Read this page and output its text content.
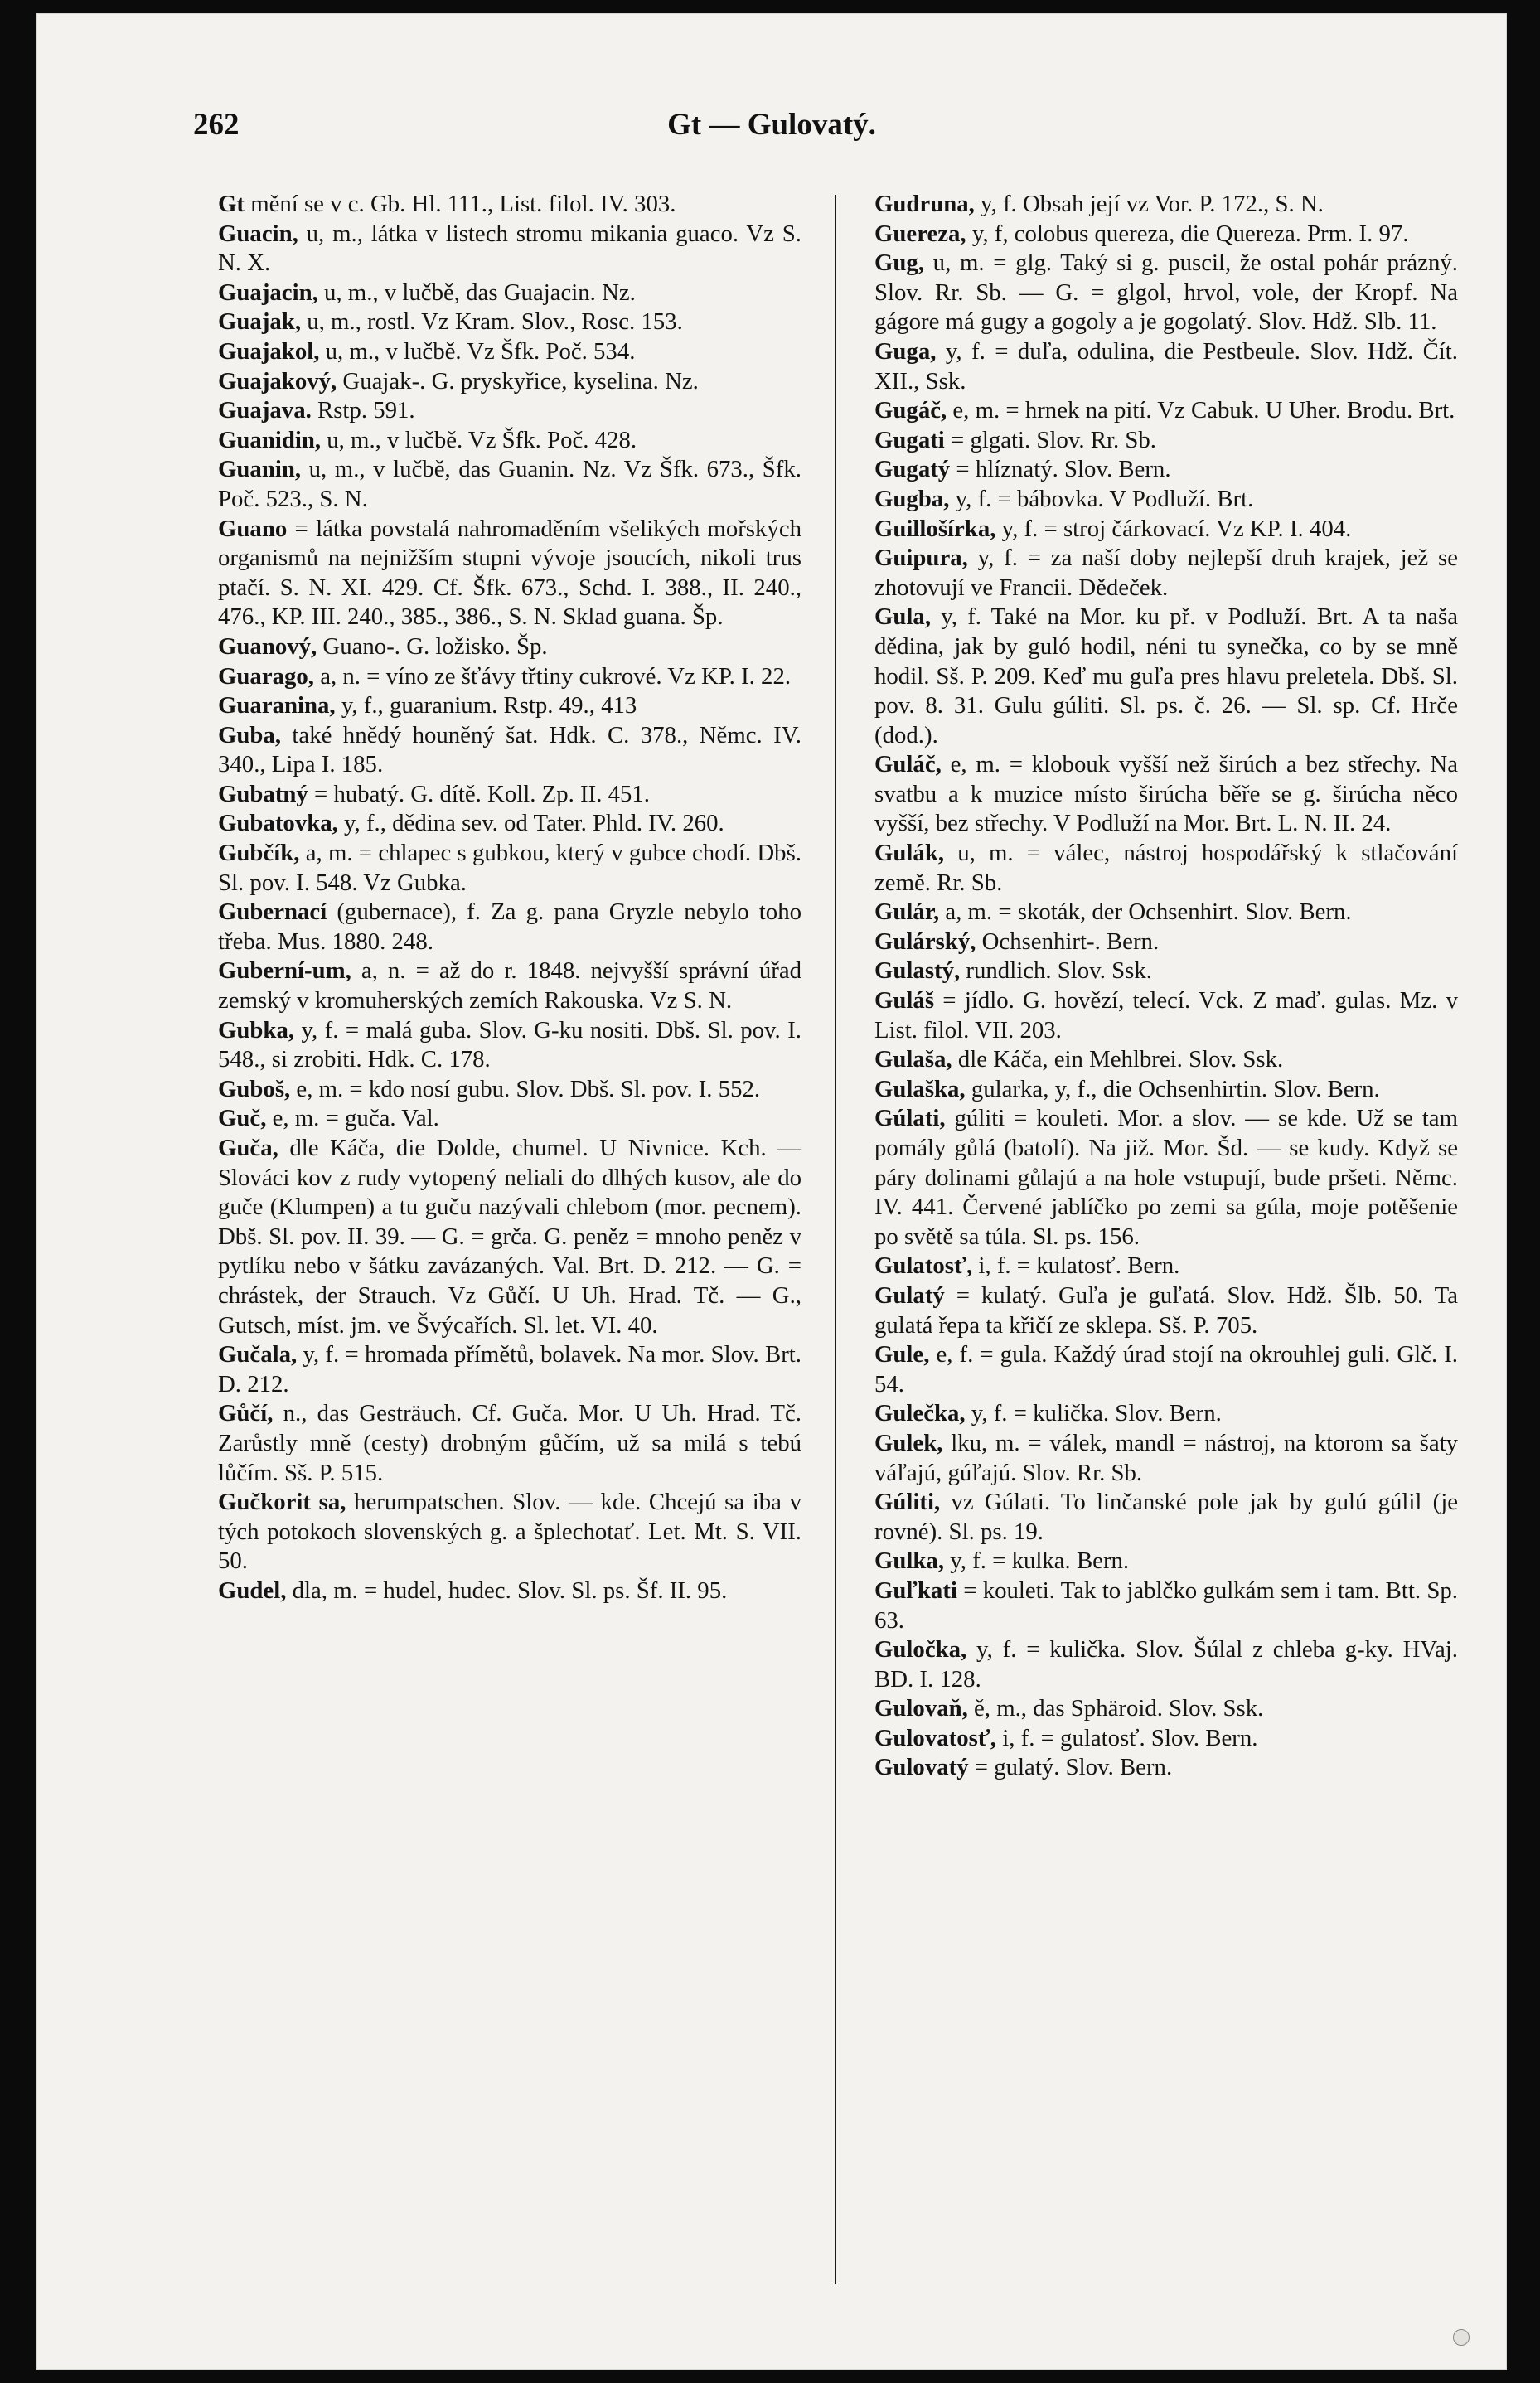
262	Gt — Gulovatý.

Gt mění se v c. Gb. Hl. 111., List. filol. IV. 303.

Guacin, u, m., látka v listech stromu mikania guaco. Vz S. N. X.

Guajacin, u, m., v lučbě, das Guajacin. Nz.

Guajak, u, m., rostl. Vz Kram. Slov., Rosc. 153.

Guajakol, u, m., v lučbě. Vz Šfk. Poč. 534.

Guajakový, Guajak-. G. pryskyřice, kyselina. Nz.

Guajava. Rstp. 591.

Guanidin, u, m., v lučbě. Vz Šfk. Poč. 428.

Guanin, u, m., v lučbě, das Guanin. Nz. Vz Šfk. 673., Šfk. Poč. 523., S. N.

Guano = látka povstalá nahromaděním všelikých mořských organismů na nejnižším stupni vývoje jsoucích, nikoli trus ptačí. S. N. XI. 429. Cf. Šfk. 673., Schd. I. 388., II. 240., 476., KP. III. 240., 385., 386., S. N. Sklad guana. Šp.

Guanový, Guano-. G. ložisko. Šp.

Guarago, a, n. = víno ze šťávy třtiny cukrové. Vz KP. I. 22.

Guaranina, y, f., guaranium. Rstp. 49., 413

Guba, také hnědý houněný šat. Hdk. C. 378., Němc. IV. 340., Lipa I. 185.

Gubatný = hubatý. G. dítě. Koll. Zp. II. 451.

Gubatovka, y, f., dědina sev. od Tater. Phld. IV. 260.

Gubčík, a, m. = chlapec s gubkou, který v gubce chodí. Dbš. Sl. pov. I. 548. Vz Gubka.

Gubernací (gubernace), f. Za g. pana Gryzle nebylo toho třeba. Mus. 1880. 248.

Guberní-um, a, n. = až do r. 1848. nejvyšší správní úřad zemský v kromuherských zemích Rakouska. Vz S. N.

Gubka, y, f. = malá guba. Slov. G-ku nositi. Dbš. Sl. pov. I. 548., si zrobiti. Hdk. C. 178.

Guboš, e, m. = kdo nosí gubu. Slov. Dbš. Sl. pov. I. 552.

Guč, e, m. = guča. Val.

Guča, dle Káča, die Dolde, chumel. U Nivnice. Kch. — Slováci kov z rudy vytopený neliali do dlhých kusov, ale do guče (Klumpen) a tu guču nazývali chlebom (mor. pecnem). Dbš. Sl. pov. II. 39. — G. = grča. G. peněz = mnoho peněz v pytlíku nebo v šátku zavázaných. Val. Brt. D. 212. — G. = chrástek, der Strauch. Vz Gůčí. U Uh. Hrad. Tč. — G., Gutsch, míst. jm. ve Švýcařích. Sl. let. VI. 40.

Gučala, y, f. = hromada přímětů, bolavek. Na mor. Slov. Brt. D. 212.

Gůčí, n., das Gesträuch. Cf. Guča. Mor. U Uh. Hrad. Tč. Zarůstly mně (cesty) drobným gůčím, už sa milá s tebú lůčím. Sš. P. 515.

Gučkorit sa, herumpatschen. Slov. — kde. Chcejú sa iba v tých potokoch slovenských g. a šplechotať. Let. Mt. S. VII. 50.

Gudel, dla, m. = hudel, hudec. Slov. Sl. ps. Šf. II. 95.

Gudruna, y, f. Obsah její vz Vor. P. 172., S. N.

Guereza, y, f, colobus quereza, die Quereza. Prm. I. 97.

Gug, u, m. = glg. Taký si g. puscil, že ostal pohár prázný. Slov. Rr. Sb. — G. = glgol, hrvol, vole, der Kropf. Na gágore má gugy a gogoly a je gogolatý. Slov. Hdž. Slb. 11.

Guga, y, f. = duľa, odulina, die Pestbeule. Slov. Hdž. Čít. XII., Ssk.

Gugáč, e, m. = hrnek na pití. Vz Cabuk. U Uher. Brodu. Brt.

Gugati = glgati. Slov. Rr. Sb.

Gugatý = hlíznatý. Slov. Bern.

Gugba, y, f. = bábovka. V Podluží. Brt.

Guillošírka, y, f. = stroj čárkovací. Vz KP. I. 404.

Guipura, y, f. = za naší doby nejlepší druh krajek, jež se zhotovují ve Francii. Dědeček.

Gula, y, f. Také na Mor. ku př. v Podluží. Brt. A ta naša dědina, jak by guló hodil, néni tu synečka, co by se mně hodil. Sš. P. 209. Keď mu guľa pres hlavu preletela. Dbš. Sl. pov. 8. 31. Gulu gúliti. Sl. ps. č. 26. — Sl. sp. Cf. Hrče (dod.).

Guláč, e, m. = klobouk vyšší než širúch a bez střechy. Na svatbu a k muzice místo širúcha běře se g. širúcha něco vyšší, bez střechy. V Podluží na Mor. Brt. L. N. II. 24.

Gulák, u, m. = válec, nástroj hospodářský k stlačování země. Rr. Sb.

Gulár, a, m. = skoták, der Ochsenhirt. Slov. Bern.

Gulárský, Ochsenhirt-. Bern.

Gulastý, rundlich. Slov. Ssk.

Guláš = jídlo. G. hovězí, telecí. Vck. Z maď. gulas. Mz. v List. filol. VII. 203.

Gulaša, dle Káča, ein Mehlbrei. Slov. Ssk.

Gulaška, gularka, y, f., die Ochsenhirtin. Slov. Bern.

Gúlati, gúliti = kouleti. Mor. a slov. — se kde. Už se tam pomály gůlá (batolí). Na již. Mor. Šd. — se kudy. Když se páry dolinami gůlajú a na hole vstupují, bude pršeti. Němc. IV. 441. Červené jablíčko po zemi sa gúla, moje potěšenie po světě sa túla. Sl. ps. 156.

Gulatosť, i, f. = kulatosť. Bern.

Gulatý = kulatý. Guľa je guľatá. Slov. Hdž. Šlb. 50. Ta gulatá řepa ta křičí ze sklepa. Sš. P. 705.

Gule, e, f. = gula. Každý úrad stojí na okrouhlej guli. Glč. I. 54.

Gulečka, y, f. = kulička. Slov. Bern.

Gulek, lku, m. = válek, mandl = nástroj, na ktorom sa šaty váľajú, gúľajú. Slov. Rr. Sb.

Gúliti, vz Gúlati. To linčanské pole jak by gulú gúlil (je rovné). Sl. ps. 19.

Gulka, y, f. = kulka. Bern.

Guľkati = kouleti. Tak to jablčko gulkám sem i tam. Btt. Sp. 63.

Guločka, y, f. = kulička. Slov. Šúlal z chleba g-ky. HVaj. BD. I. 128.

Gulovaň, ě, m., das Sphäroid. Slov. Ssk.

Gulovatosť, i, f. = gulatosť. Slov. Bern.

Gulovatý = gulatý. Slov. Bern.
